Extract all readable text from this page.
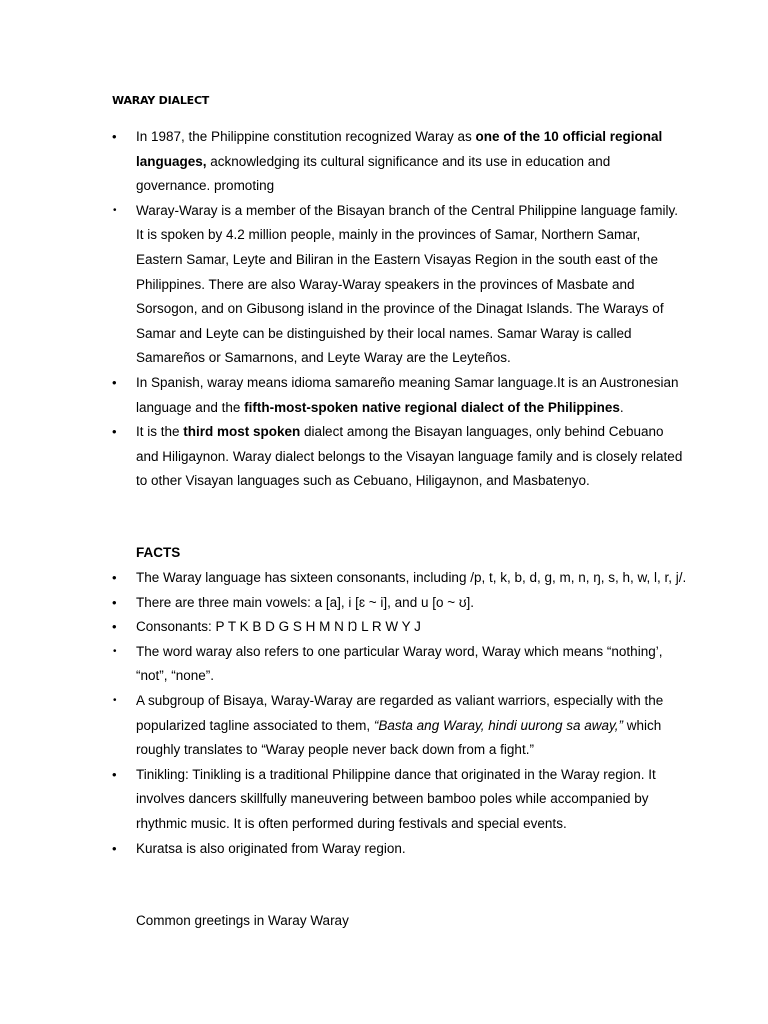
WARAY DIALECT
• In 1987, the Philippine constitution recognized Waray as one of the 10 official regional languages, acknowledging its cultural significance and its use in education and governance. promoting
• Waray-Waray is a member of the Bisayan branch of the Central Philippine language family. It is spoken by 4.2 million people, mainly in the provinces of Samar, Northern Samar, Eastern Samar, Leyte and Biliran in the Eastern Visayas Region in the south east of the Philippines. There are also Waray-Waray speakers in the provinces of Masbate and Sorsogon, and on Gibusong island in the province of the Dinagat Islands. The Warays of Samar and Leyte can be distinguished by their local names. Samar Waray is called Samareños or Samarnons, and Leyte Waray are the Leyteños.
• In Spanish, waray means idioma samareño meaning Samar language.It is an Austronesian language and the fifth-most-spoken native regional dialect of the Philippines.
• It is the third most spoken dialect among the Bisayan languages, only behind Cebuano and Hiligaynon. Waray dialect belongs to the Visayan language family and is closely related to other Visayan languages such as Cebuano, Hiligaynon, and Masbatenyo.
FACTS
• The Waray language has sixteen consonants, including /p, t, k, b, d, g, m, n, ŋ, s, h, w, l, r, j/.
• There are three main vowels: a [a], i [ɛ ~ i], and u [o ~ ʊ].
• Consonants: P T K B D G S H M N Ŋ L R W Y J
• The word waray also refers to one particular Waray word, Waray which means “nothing’, “not”, “none”.
• A subgroup of Bisaya, Waray-Waray are regarded as valiant warriors, especially with the popularized tagline associated to them, “Basta ang Waray, hindi uurong sa away,” which roughly translates to “Waray people never back down from a fight.”
• Tinikling: Tinikling is a traditional Philippine dance that originated in the Waray region. It involves dancers skillfully maneuvering between bamboo poles while accompanied by rhythmic music. It is often performed during festivals and special events.
• Kuratsa is also originated from Waray region.
Common greetings in Waray Waray
